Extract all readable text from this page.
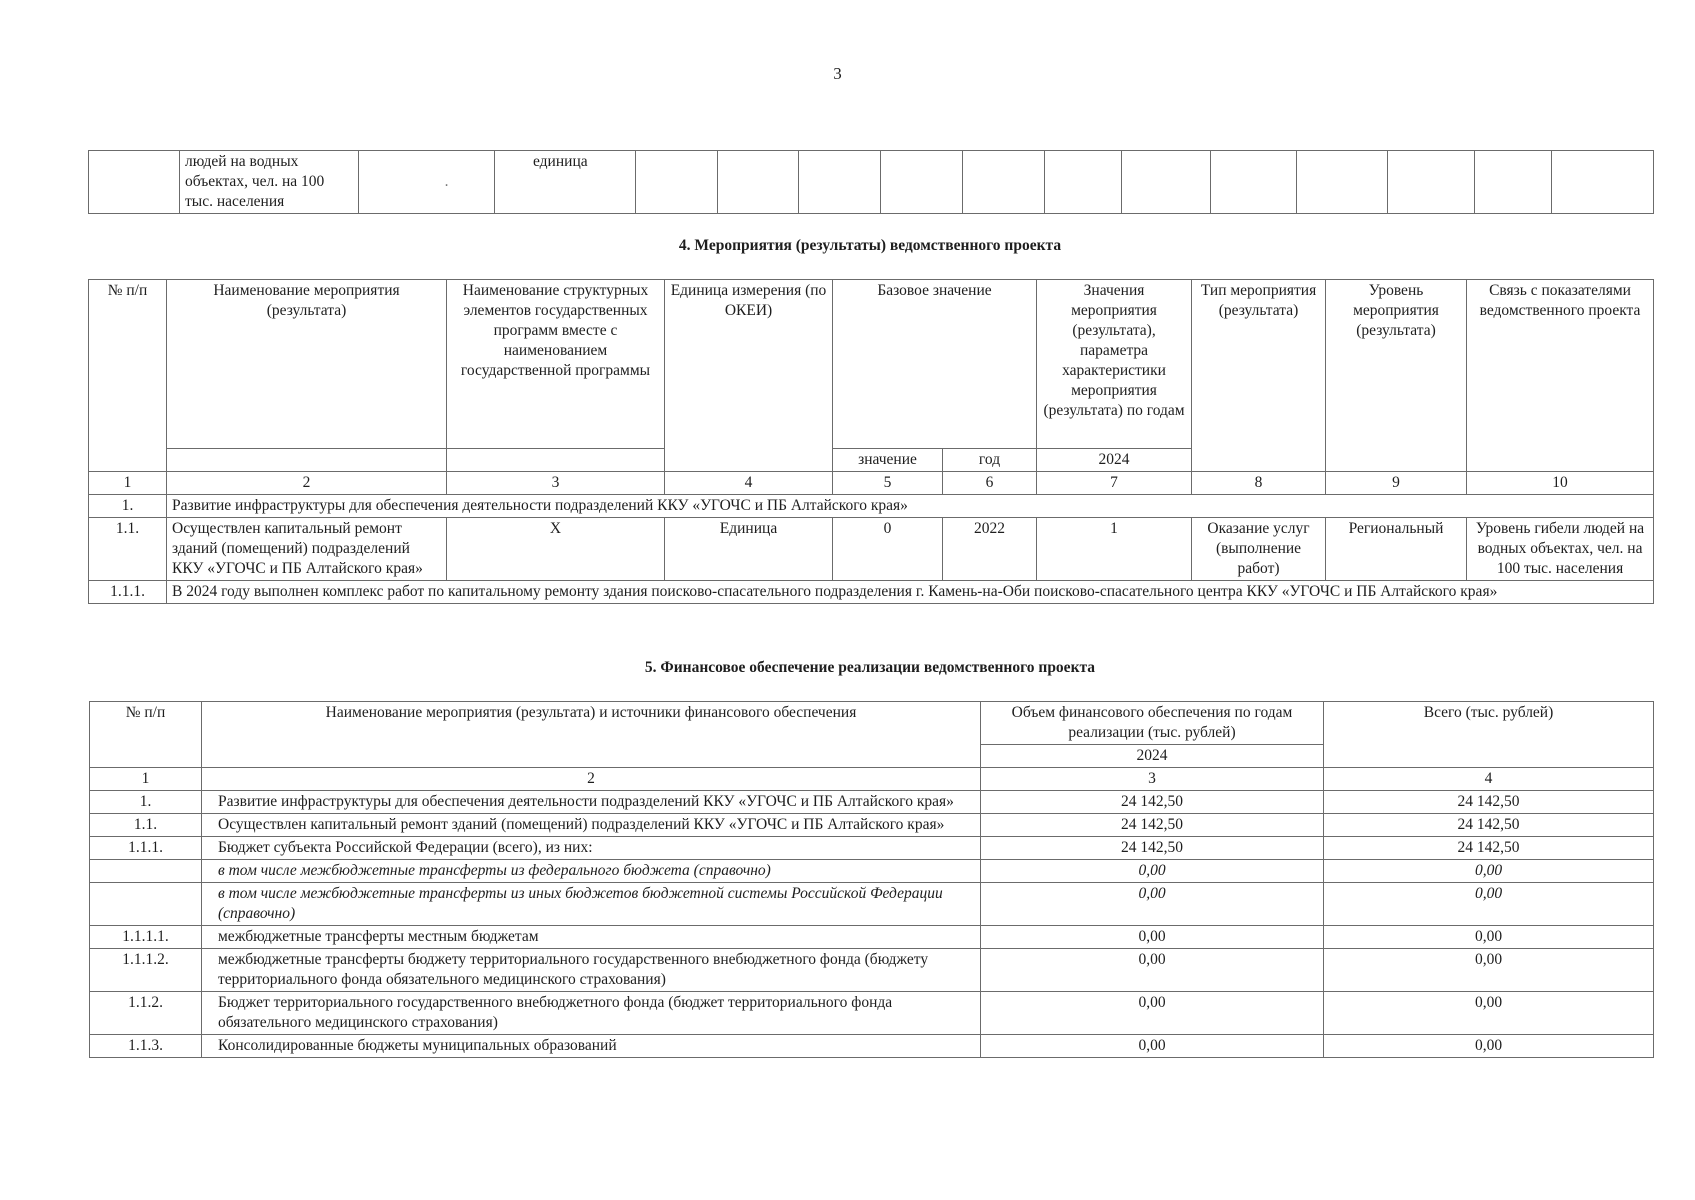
3
	людей на водных объектах, чел. на 100 тыс. населения	.	единица												
4. Мероприятия (результаты) ведомственного проекта
№ п/п	Наименование мероприятия (результата)	Наименование структурных элементов государственных программ вместе с наименованием государственной программы	Единица измерения (по ОКЕИ)	Базовое значение		Значения мероприятия (результата), параметра характеристики мероприятия (результата) по годам	Тип мероприятия (результата)	Уровень мероприятия (результата)	Связь с показателями ведомственного проекта
				значение	год	2024			
1	2	3	4	5	6	7	8	9	10
1.	Развитие инфраструктуры для обеспечения деятельности подразделений ККУ «УГОЧС и ПБ Алтайского края»								
1.1.	Осуществлен капитальный ремонт зданий (помещений) подразделений ККУ «УГОЧС и ПБ Алтайского края»	Х	Единица	0	2022	1	Оказание услуг (выполнение работ)	Региональный	Уровень гибели людей на водных объектах, чел. на 100 тыс. населения
1.1.1.	В 2024 году выполнен комплекс работ по капитальному ремонту здания поисково-спасательного подразделения г. Камень-на-Оби поисково-спасательного центра ККУ «УГОЧС и ПБ Алтайского края»								
5. Финансовое обеспечение реализации ведомственного проекта
№ п/п	Наименование мероприятия (результата) и источники финансового обеспечения	Объем финансового обеспечения по годам реализации (тыс. рублей)	Всего (тыс. рублей)
		2024	
1	2	3	4
1.	Развитие инфраструктуры для обеспечения деятельности подразделений ККУ «УГОЧС и ПБ Алтайского края»	24 142,50	24 142,50
1.1.	Осуществлен капитальный ремонт зданий (помещений) подразделений ККУ «УГОЧС и ПБ Алтайского края»	24 142,50	24 142,50
1.1.1.	Бюджет субъекта Российской Федерации (всего), из них:	24 142,50	24 142,50
	в том числе межбюджетные трансферты из федерального бюджета (справочно)	0,00	0,00
	в том числе межбюджетные трансферты из иных бюджетов бюджетной системы Российской Федерации (справочно)	0,00	0,00
1.1.1.1.	межбюджетные трансферты местным бюджетам	0,00	0,00
1.1.1.2.	межбюджетные трансферты бюджету территориального государственного внебюджетного фонда (бюджету территориального фонда обязательного медицинского страхования)	0,00	0,00
1.1.2.	Бюджет территориального государственного внебюджетного фонда (бюджет территориального фонда обязательного медицинского страхования)	0,00	0,00
1.1.3.	Консолидированные бюджеты муниципальных образований	0,00	0,00
